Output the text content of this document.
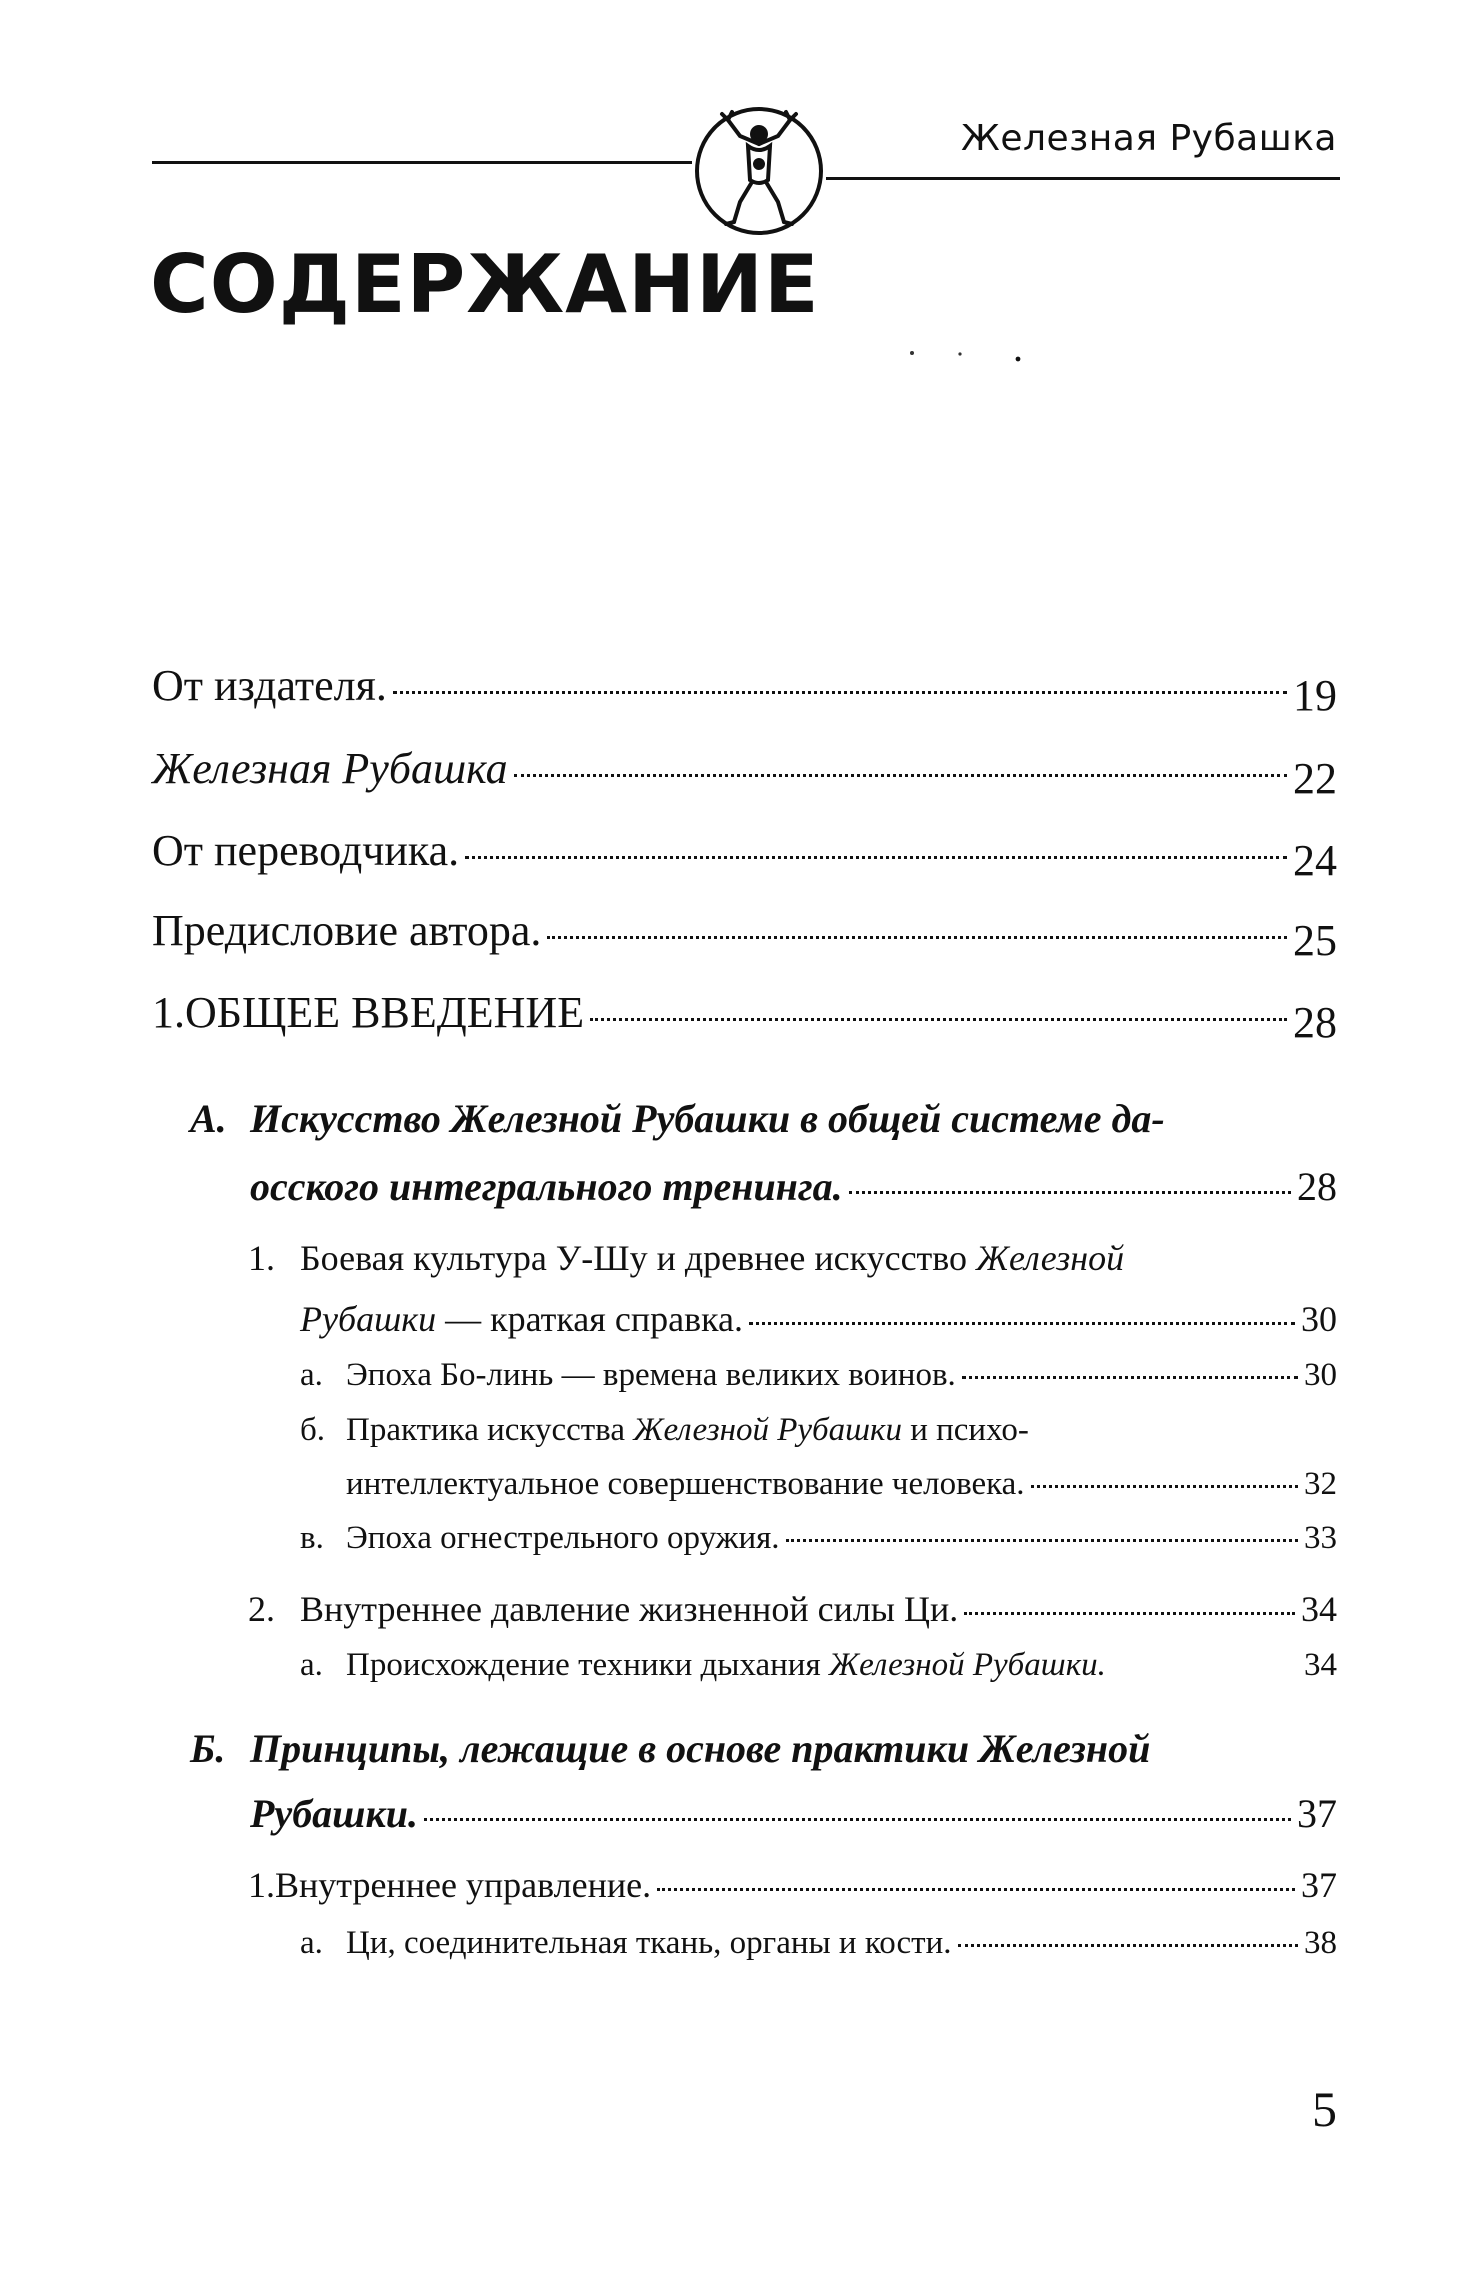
Железная Рубашка
СОДЕРЖАНИЕ
От издателя.	19
Железная Рубашка	22
От переводчика.	24
Предисловие автора.	25
1.ОБЩЕЕ ВВЕДЕНИЕ	28
А. Искусство Железной Рубашки в общей системе да-
осского интегрального тренинга.	28
1. Боевая культура У-Шу и древнее искусство Железной
Рубашки — краткая справка.	30
а. Эпоха Бо-линь — времена великих воинов.	30
б. Практика искусства Железной Рубашки и психо-
интеллектуальное совершенствование человека.	32
в. Эпоха огнестрельного оружия.	33
2. Внутреннее давление жизненной силы Ци.	34
а. Происхождение техники дыхания Железной Рубашки.	34
Б. Принципы, лежащие в основе практики Железной
Рубашки.	37
1.Внутреннее управление.	37
а. Ци, соединительная ткань, органы и кости.	38
5
